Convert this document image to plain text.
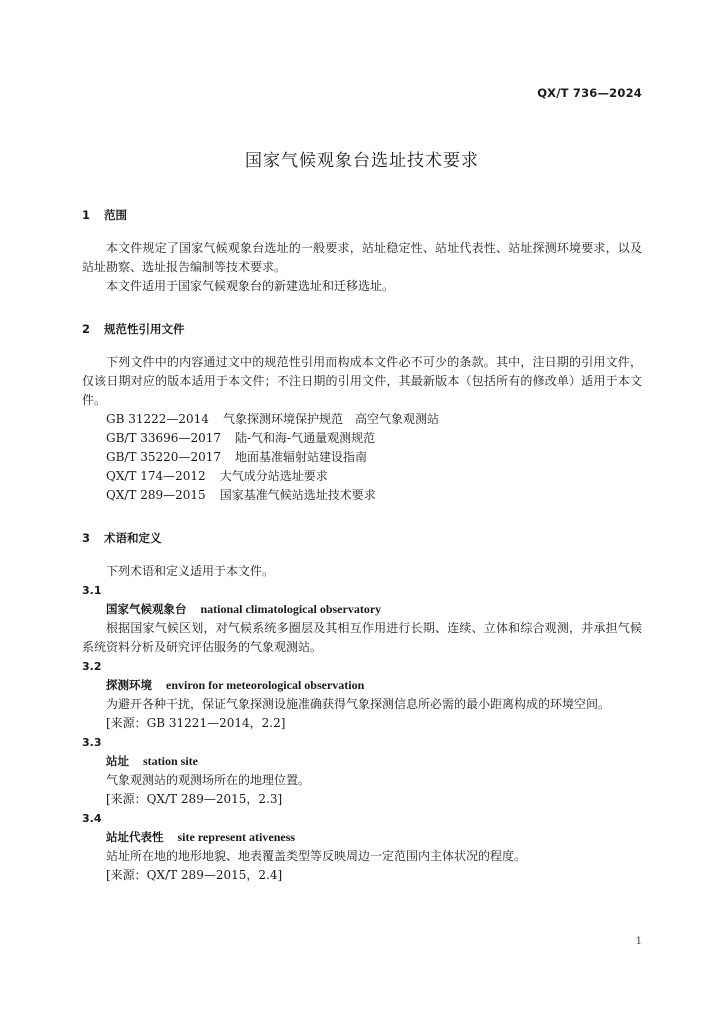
QX/T 736—2024
国家气候观象台选址技术要求
1 范围

本文件规定了国家气候观象台选址的一般要求，站址稳定性、站址代表性、站址探测环境要求，以及站址勘察、选址报告编制等技术要求。

本文件适用于国家气候观象台的新建选址和迁移选址。

2 规范性引用文件

下列文件中的内容通过文中的规范性引用而构成本文件必不可少的条款。其中，注日期的引用文件，仅该日期对应的版本适用于本文件；不注日期的引用文件，其最新版本（包括所有的修改单）适用于本文件。

GB 31222—2014 气象探测环境保护规范　高空气象观测站

GB/T 33696—2017 陆-气和海-气通量观测规范

GB/T 35220—2017 地面基准辐射站建设指南

QX/T 174—2012 大气成分站选址要求

QX/T 289—2015 国家基准气候站选址技术要求

3 术语和定义

下列术语和定义适用于本文件。

3.1

国家气候观象台 national climatological observatory

根据国家气候区划，对气候系统多圈层及其相互作用进行长期、连续、立体和综合观测，并承担气候系统资料分析及研究评估服务的气象观测站。

3.2

探测环境 environ for meteorological observation

为避开各种干扰，保证气象探测设施准确获得气象探测信息所必需的最小距离构成的环境空间。

[来源：GB 31221—2014，2.2]

3.3

站址 station site

气象观测站的观测场所在的地理位置。

[来源：QX/T 289—2015，2.3]

3.4

站址代表性 site represent ativeness

站址所在地的地形地貌、地表覆盖类型等反映周边一定范围内主体状况的程度。

[来源：QX/T 289—2015，2.4]

1
